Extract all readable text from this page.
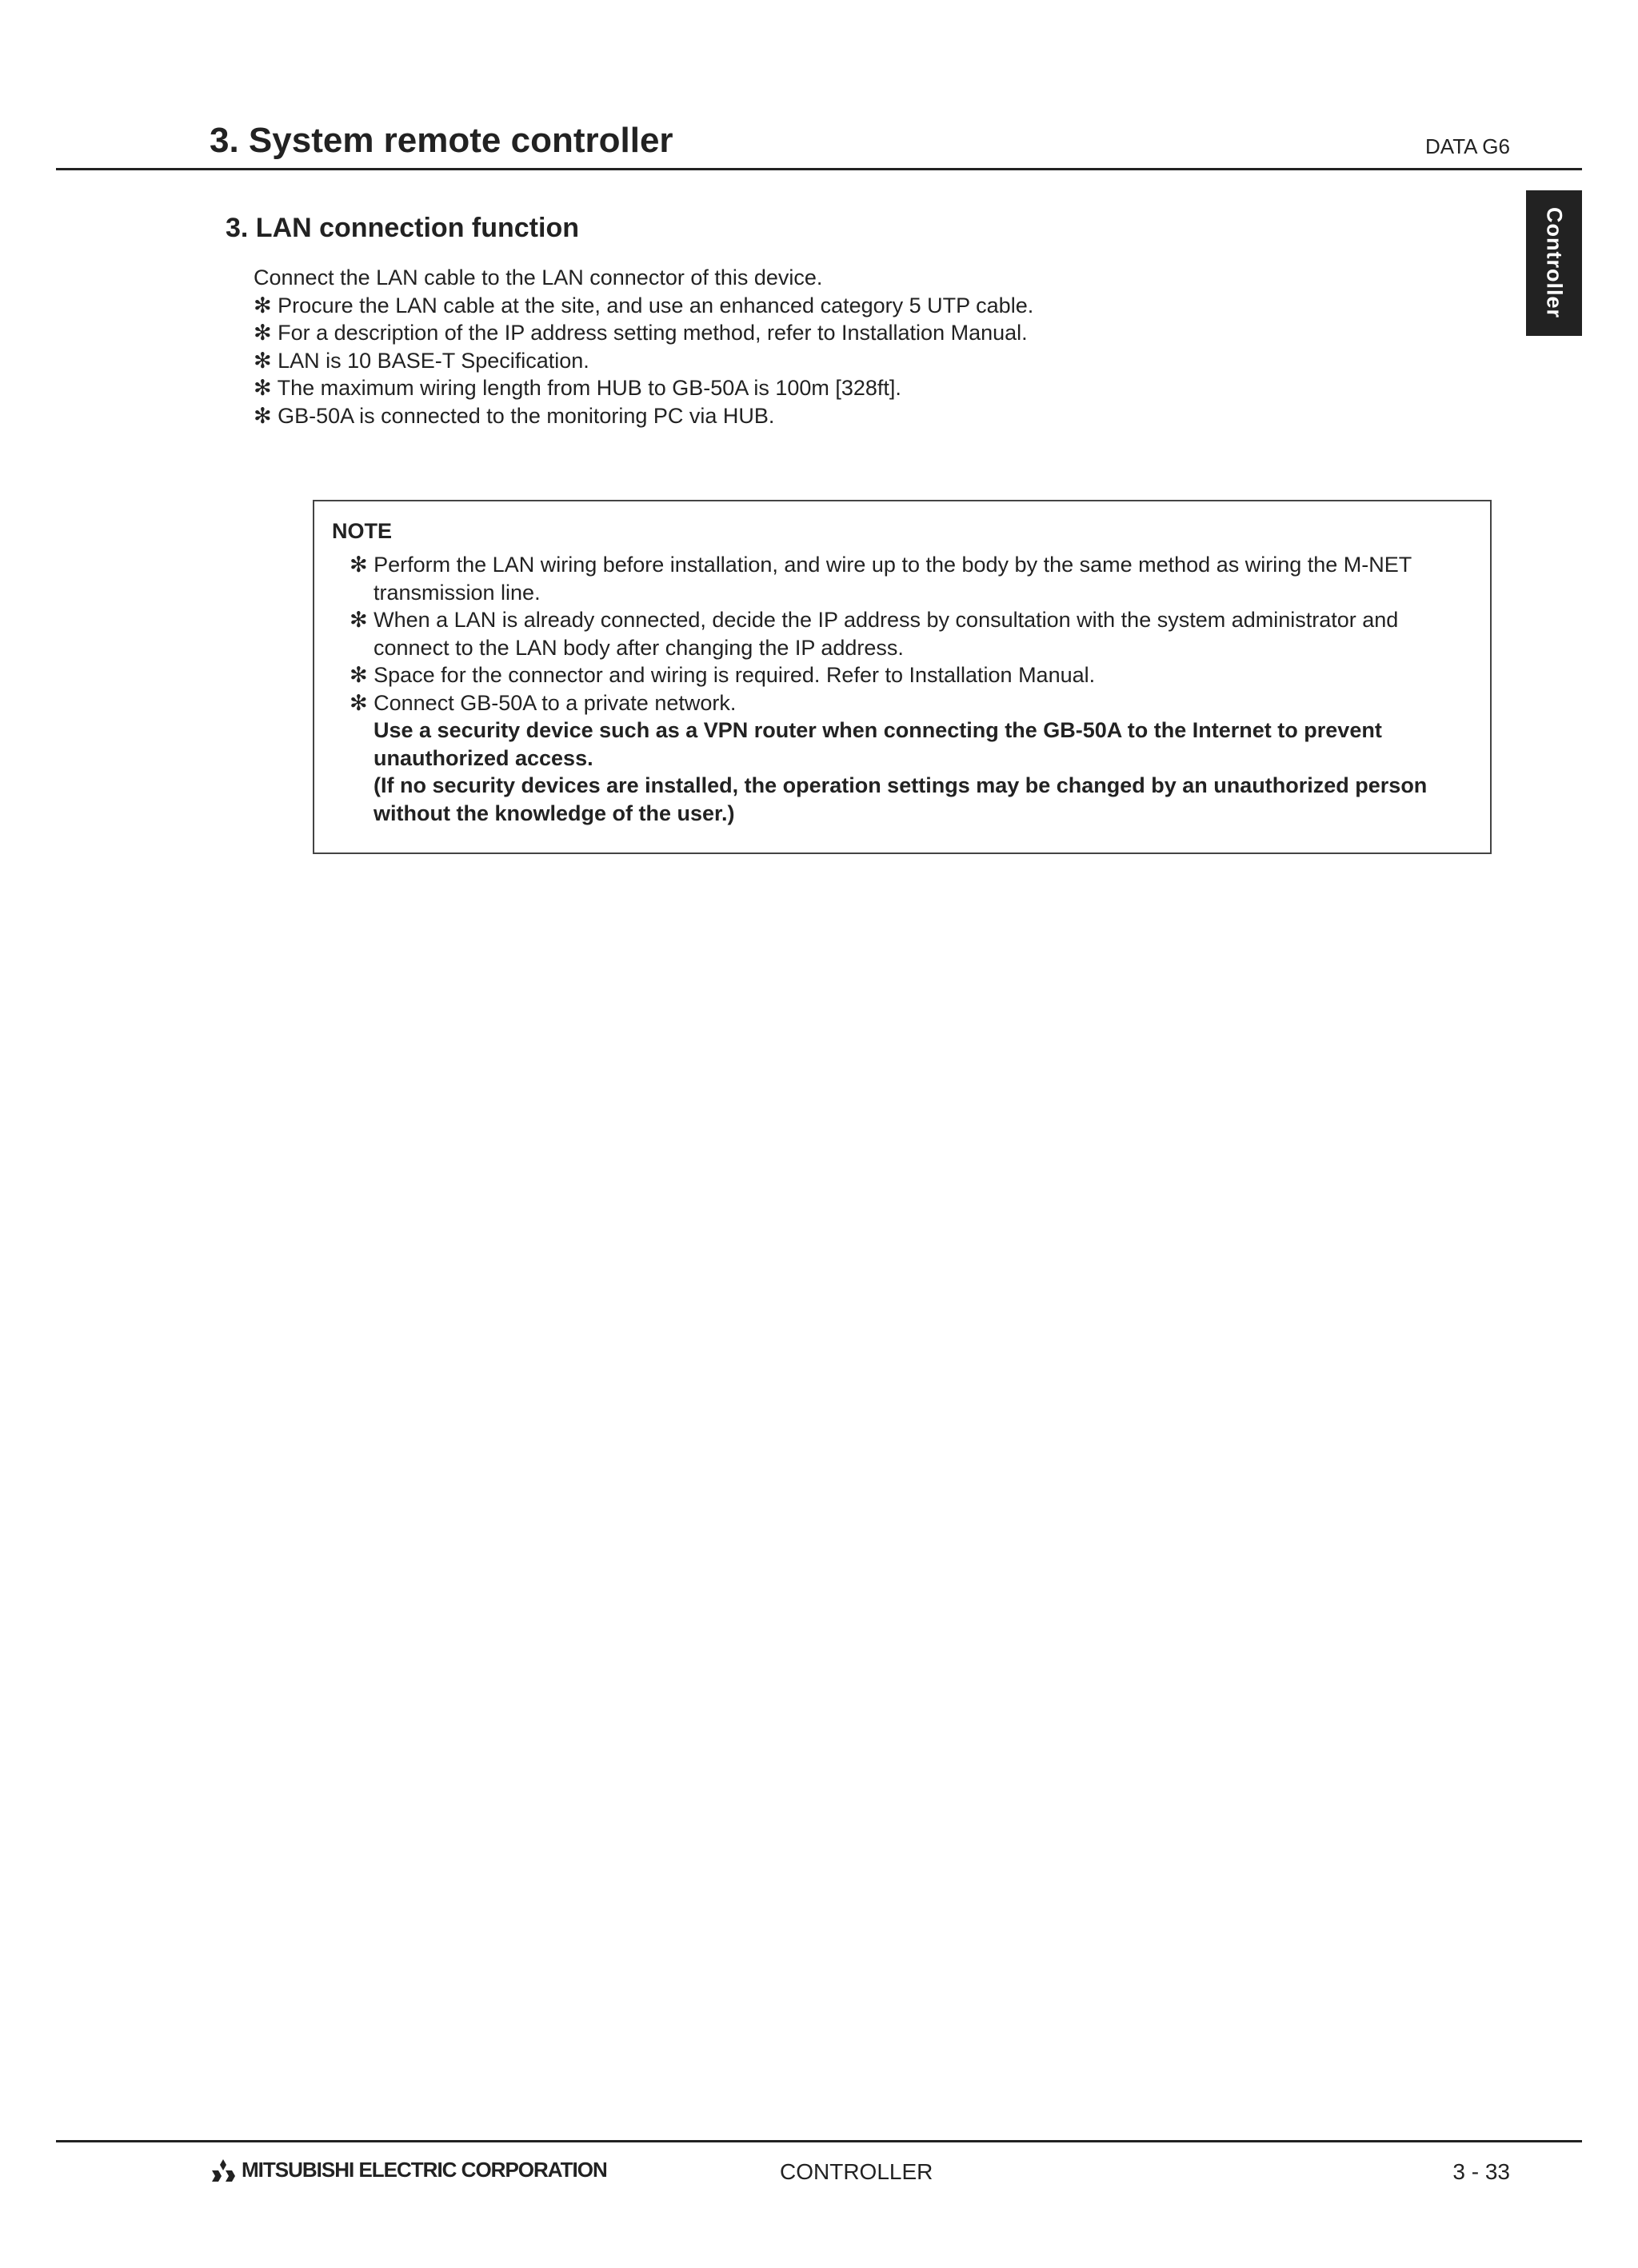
3. System remote controller	DATA G6
Controller
3. LAN connection function
Connect the LAN cable to the LAN connector of this device.
✻ Procure the LAN cable at the site, and use an enhanced category 5 UTP cable.
✻ For a description of the IP address setting method, refer to Installation Manual.
✻ LAN is 10 BASE-T Specification.
✻ The maximum wiring length from HUB to GB-50A is 100m [328ft].
✻ GB-50A is connected to the monitoring PC via HUB.
NOTE
✻ Perform the LAN wiring before installation, and wire up to the body by the same method as wiring the M-NET transmission line.
✻ When a LAN is already connected, decide the IP address by consultation with the system administrator and connect to the LAN body after changing the IP address.
✻ Space for the connector and wiring is required. Refer to Installation Manual.
✻ Connect GB-50A to a private network.
Use a security device such as a VPN router when connecting the GB-50A to the Internet to prevent unauthorized access.
(If no security devices are installed, the operation settings may be changed by an unauthorized person without the knowledge of the user.)
MITSUBISHI ELECTRIC CORPORATION	CONTROLLER	3 - 33
